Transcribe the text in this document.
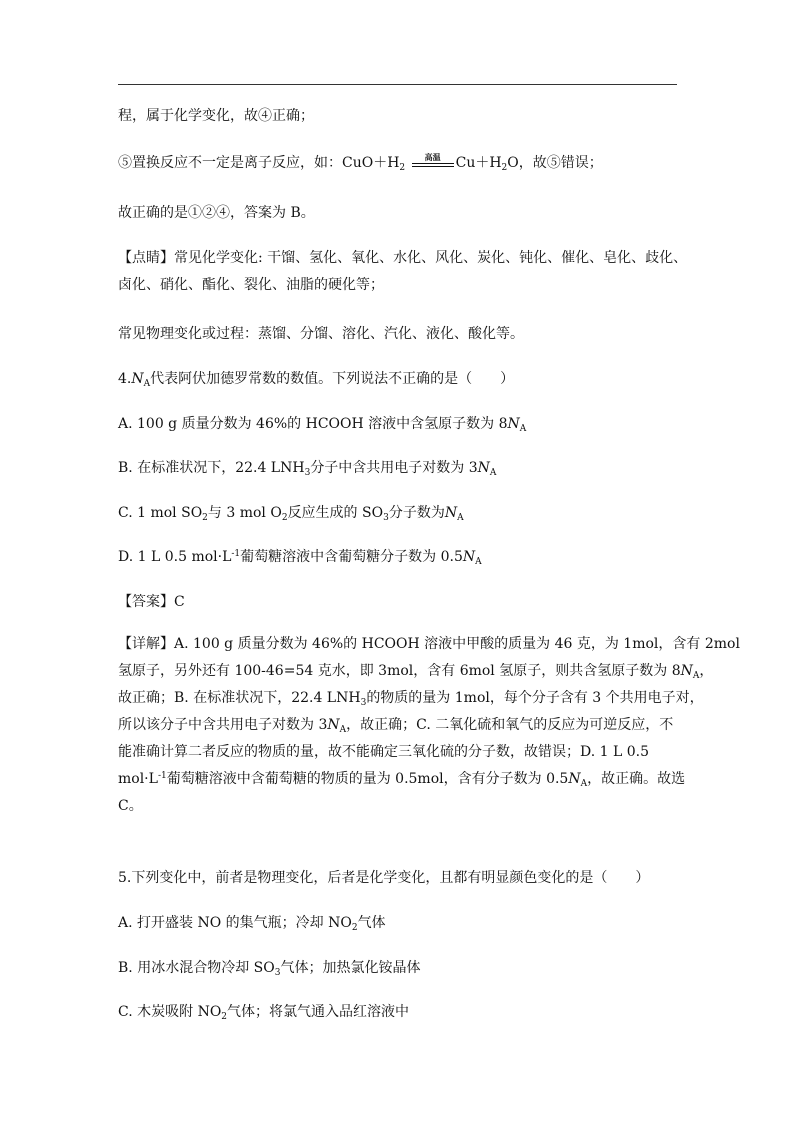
程，属于化学变化，故④正确；
⑤置换反应不一定是离子反应，如：$CuO+H_2$
高温	$Cu+H_2O$，故⑤错误；
故正确的是①②④，答案为 B。
【点睛】常见化学变化: 干馏、氢化、氧化、水化、风化、炭化、钝化、催化、皂化、歧化、
卤化、硝化、酯化、裂化、油脂的硬化等；
常见物理变化或过程：蒸馏、分馏、溶化、汽化、液化、酸化等。
$4.N_A$代表阿伏加德罗常数的数值。下列说法不正确的是（　　）
A. 100 g 质量分数为 46%的 HCOOH 溶液中含氢原子数为 $8N_A$
B. 在标准状况下，22.4 $LNH_3$分子中含共用电子对数为 $3N_A$
C. 1 mol $SO_2$与 3 mol $O_2$反应生成的 $SO_3$分子数为$N_A$
D. 1 L 0.5 $mol\cdot L^{-1}$葡萄糖溶液中含葡萄糖分子数为 $0.5N_A$
【答案】C
【详解】A. 100 g 质量分数为 46%的 HCOOH 溶液中甲酸的质量为 46 克，为 1mol，含有 2mol
氢原子，另外还有 100-46=54 克水，即 3mol，含有 6mol 氢原子，则共含氢原子数为 $8N_A$，
故正确；B. 在标准状况下，22.4 $LNH_3$的物质的量为 1mol，每个分子含有 3 个共用电子对，
所以该分子中含共用电子对数为 $3N_A$，故正确；C. 二氧化硫和氧气的反应为可逆反应，不
能准确计算二者反应的物质的量，故不能确定三氧化硫的分子数，故错误；D. 1 L 0.5
$mol\cdot L^{-1}$葡萄糖溶液中含葡萄糖的物质的量为 0.5mol，含有分子数为 $0.5N_A$，故正确。故选
C。
5.下列变化中，前者是物理变化，后者是化学变化，且都有明显颜色变化的是（　　）
A. 打开盛装 NO 的集气瓶；冷却 $NO_2$气体
B. 用冰水混合物冷却 $SO_3$气体；加热氯化铵晶体
C. 木炭吸附 $NO_2$气体；将氯气通入品红溶液中
